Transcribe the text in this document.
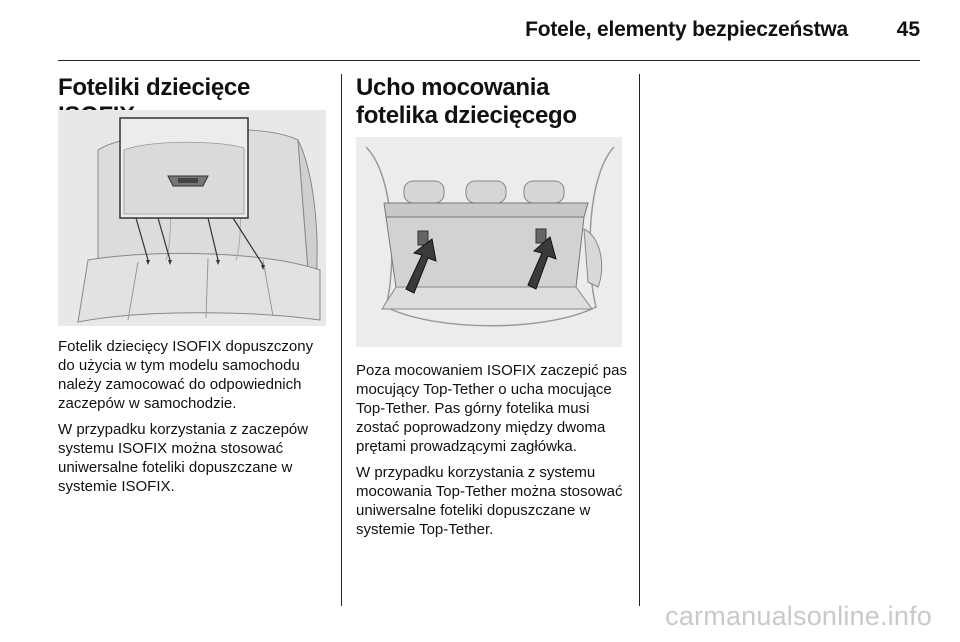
Fotele, elementy bezpieczeństwa 45
Foteliki dziecięce

Fotelik dziecięcy ISOFIX dopuszczony do użycia w tym modelu samochodu należy zamocować do odpowiednich zaczepów w samochodzie.

W przypadku korzystania z zaczepów systemu ISOFIX można stosować uniwersalne foteliki dopuszczane w systemie ISOFIX.

Ucho mocowania fotelika dziecięcego

Poza mocowaniem ISOFIX zaczepić pas mocujący Top-Tether o ucha mocujące Top-Tether. Pas górny fotelika musi zostać poprowadzony między dwoma prętami prowadzącymi zagłówka.

W przypadku korzystania z systemu mocowania Top-Tether można stosować uniwersalne foteliki dopuszczane w systemie Top-Tether.

carmanualsonline.info
